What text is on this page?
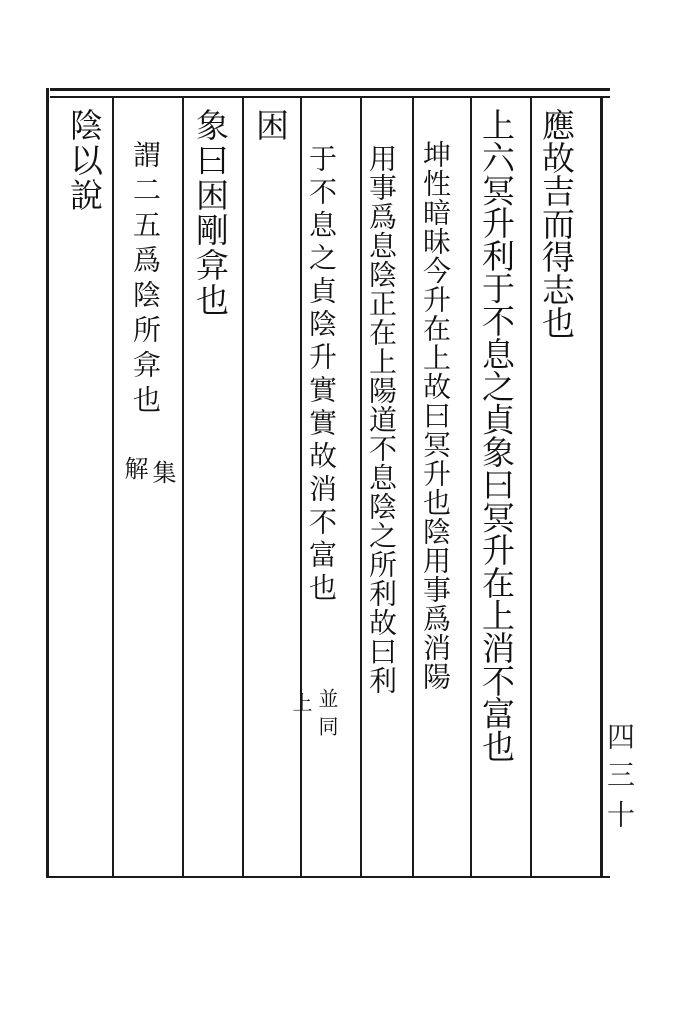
應故吉而得志也
上六冥升利于不息之貞象曰冥升在上消不富也
坤性暗昧今升在上故曰冥升也陰用事爲消陽
用事爲息陰正在上陽道不息陰之所利故曰利
于不息之貞陰升實實故消不富也
並
同
上
困
象曰困剛弇也
謂二五爲陰所弇也
集
解
陰以說
四
三
十
